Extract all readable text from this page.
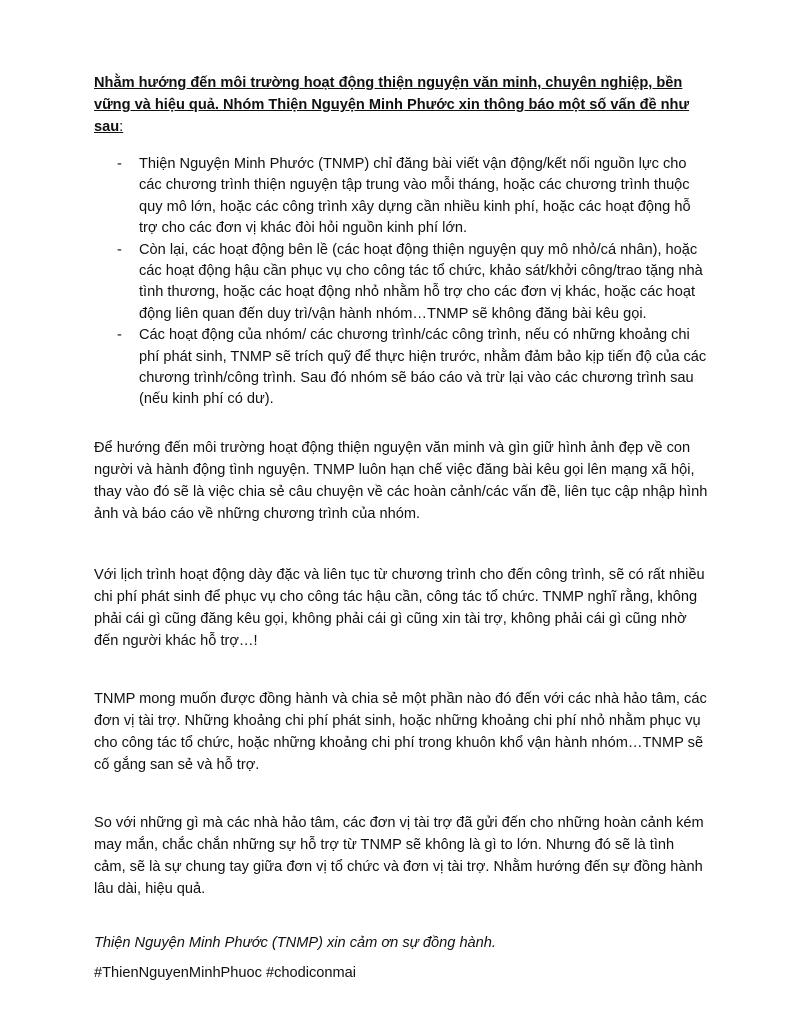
Nhằm hướng đến môi trường hoạt động thiện nguyện văn minh, chuyên nghiệp, bền vững và hiệu quả. Nhóm Thiện Nguyện Minh Phước xin thông báo một số vấn đề như sau:
- Thiện Nguyện Minh Phước (TNMP) chỉ đăng bài viết vận động/kết nối nguồn lực cho các chương trình thiện nguyện tập trung vào mỗi tháng, hoặc các chương trình thuộc quy mô lớn, hoặc các công trình xây dựng cần nhiều kinh phí, hoặc các hoạt động hỗ trợ cho các đơn vị khác đòi hỏi nguồn kinh phí lớn.
- Còn lại, các hoạt động bên lề (các hoạt động thiện nguyện quy mô nhỏ/cá nhân), hoặc các hoạt động hậu cần phục vụ cho công tác tổ chức, khảo sát/khởi công/trao tặng nhà tình thương, hoặc các hoạt động nhỏ nhằm hỗ trợ cho các đơn vị khác, hoặc các hoạt động liên quan đến duy trì/vận hành nhóm…TNMP sẽ không đăng bài kêu gọi.
- Các hoạt động của nhóm/ các chương trình/các công trình, nếu có những khoảng chi phí phát sinh, TNMP sẽ trích quỹ để thực hiện trước, nhằm đảm bảo kịp tiến độ của các chương trình/công trình. Sau đó nhóm sẽ báo cáo và trừ lại vào các chương trình sau (nếu kinh phí có dư).

Để hướng đến môi trường hoạt động thiện nguyện văn minh và gìn giữ hình ảnh đẹp về con người và hành động tình nguyện. TNMP luôn hạn chế việc đăng bài kêu gọi lên mạng xã hội, thay vào đó sẽ là việc chia sẻ câu chuyện về các hoàn cảnh/các vấn đề, liên tục cập nhập hình ảnh và báo cáo về những chương trình của nhóm.

Với lịch trình hoạt động dày đặc và liên tục từ chương trình cho đến công trình, sẽ có rất nhiều chi phí phát sinh để phục vụ cho công tác hậu cần, công tác tổ chức. TNMP nghĩ rằng, không phải cái gì cũng đăng kêu gọi, không phải cái gì cũng xin tài trợ, không phải cái gì cũng nhờ đến người khác hỗ trợ…!

TNMP mong muốn được đồng hành và chia sẻ một phần nào đó đến với các nhà hảo tâm, các đơn vị tài trợ. Những khoảng chi phí phát sinh, hoặc những khoảng chi phí nhỏ nhằm phục vụ cho công tác tổ chức, hoặc những khoảng chi phí trong khuôn khổ vận hành nhóm…TNMP sẽ cố gắng san sẻ và hỗ trợ.

So với những gì mà các nhà hảo tâm, các đơn vị tài trợ đã gửi đến cho những hoàn cảnh kém may mắn, chắc chắn những sự hỗ trợ từ TNMP sẽ không là gì to lớn. Nhưng đó sẽ là tình cảm, sẽ là sự chung tay giữa đơn vị tổ chức và đơn vị tài trợ. Nhằm hướng đến sự đồng hành lâu dài, hiệu quả.

Thiện Nguyện Minh Phước (TNMP) xin cảm ơn sự đồng hành.
#ThienNguyenMinhPhuoc #chodiconmai
